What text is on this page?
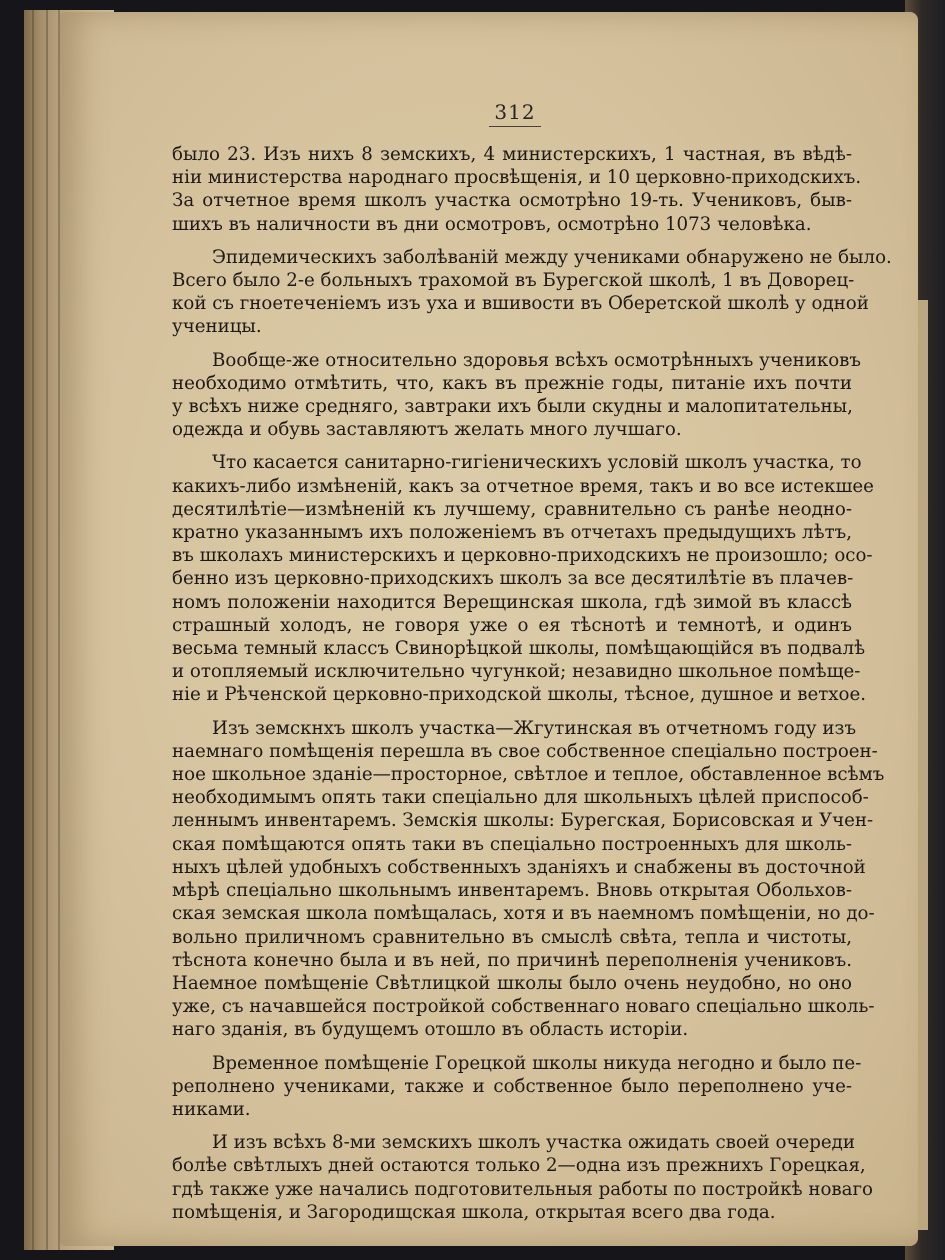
312
было 23. Изъ нихъ 8 земскихъ, 4 министерскихъ, 1 частная, въ вѣдѣ-
нiи министерства народнаго просвѣщенiя, и 10 церковно-приходскихъ.
За отчетное время школъ участка осмотрѣно 19-ть. Учениковъ, быв-
шихъ въ наличности въ дни осмотровъ, осмотрѣно 1073 человѣка.
Эпидемическихъ заболѣванiй между учениками обнаружено не было.
Всего было 2-е больныхъ трахомой въ Бурегской школѣ, 1 въ Доворец-
кой съ гноетеченiемъ изъ уха и вшивости въ Оберетской школѣ у одной
ученицы.
Вообще-же относительно здоровья всѣхъ осмотрѣнныхъ учениковъ
необходимо отмѣтить, что, какъ въ прежнiе годы, питанiе ихъ почти
у всѣхъ ниже средняго, завтраки ихъ были скудны и малопитательны,
одежда и обувь заставляютъ желать много лучшаго.
Что касается санитарно-гигiеническихъ условiй школъ участка, то
какихъ-либо измѣненiй, какъ за отчетное время, такъ и во все истекшее
десятилѣтiе—измѣненiй къ лучшему, сравнительно съ ранѣе неодно-
кратно указаннымъ ихъ положенiемъ въ отчетахъ предыдущихъ лѣтъ,
въ школахъ министерскихъ и церковно-приходскихъ не произошло; осо-
бенно изъ церковно-приходскихъ школъ за все десятилѣтiе въ плачев-
номъ положенiи находится Верещинская школа, гдѣ зимой въ классѣ
страшный холодъ, не говоря уже о ея тѣснотѣ и темнотѣ, и одинъ
весьма темный классъ Свинорѣцкой школы, помѣщающiйся въ подвалѣ
и отопляемый исключительно чугункой; незавидно школьное помѣще-
нiе и Рѣченской церковно-приходской школы, тѣсное, душное и ветхое.
Изъ земскнхъ школъ участка—Жгутинская въ отчетномъ году изъ
наемнаго помѣщенiя перешла въ свое собственное спецiально построен-
ное школьное зданiе—просторное, свѣтлое и теплое, обставленное всѣмъ
необходимымъ опять таки спецiально для школьныхъ цѣлей приспособ-
леннымъ инвентаремъ. Земскiя школы: Бурегская, Борисовская и Учен-
ская помѣщаются опять таки въ спецiально построенныхъ для школь-
ныхъ цѣлей удобныхъ собственныхъ зданiяхъ и снабжены въ досточной
мѣрѣ спецiально школьнымъ инвентаремъ. Вновь открытая Обольхов-
ская земская школа помѣщалась, хотя и въ наемномъ помѣщенiи, но до-
вольно приличномъ сравнительно въ смыслѣ свѣта, тепла и чистоты,
тѣснота конечно была и въ ней, по причинѣ переполненiя учениковъ.
Наемное помѣщенiе Свѣтлицкой школы было очень неудобно, но оно
уже, съ начавшейся постройкой собственнаго новаго спецiально школь-
наго зданiя, въ будущемъ отошло въ область исторiи.
Временное помѣщенiе Горецкой школы никуда негодно и было пе-
реполнено учениками, также и собственное было переполнено уче-
никами.
И изъ всѣхъ 8-ми земскихъ школъ участка ожидать своей очереди
болѣе свѣтлыхъ дней остаются только 2—одна изъ прежнихъ Горецкая,
гдѣ также уже начались подготовительныя работы по постройкѣ новаго
помѣщенiя, и Загородищская школа, открытая всего два года.
